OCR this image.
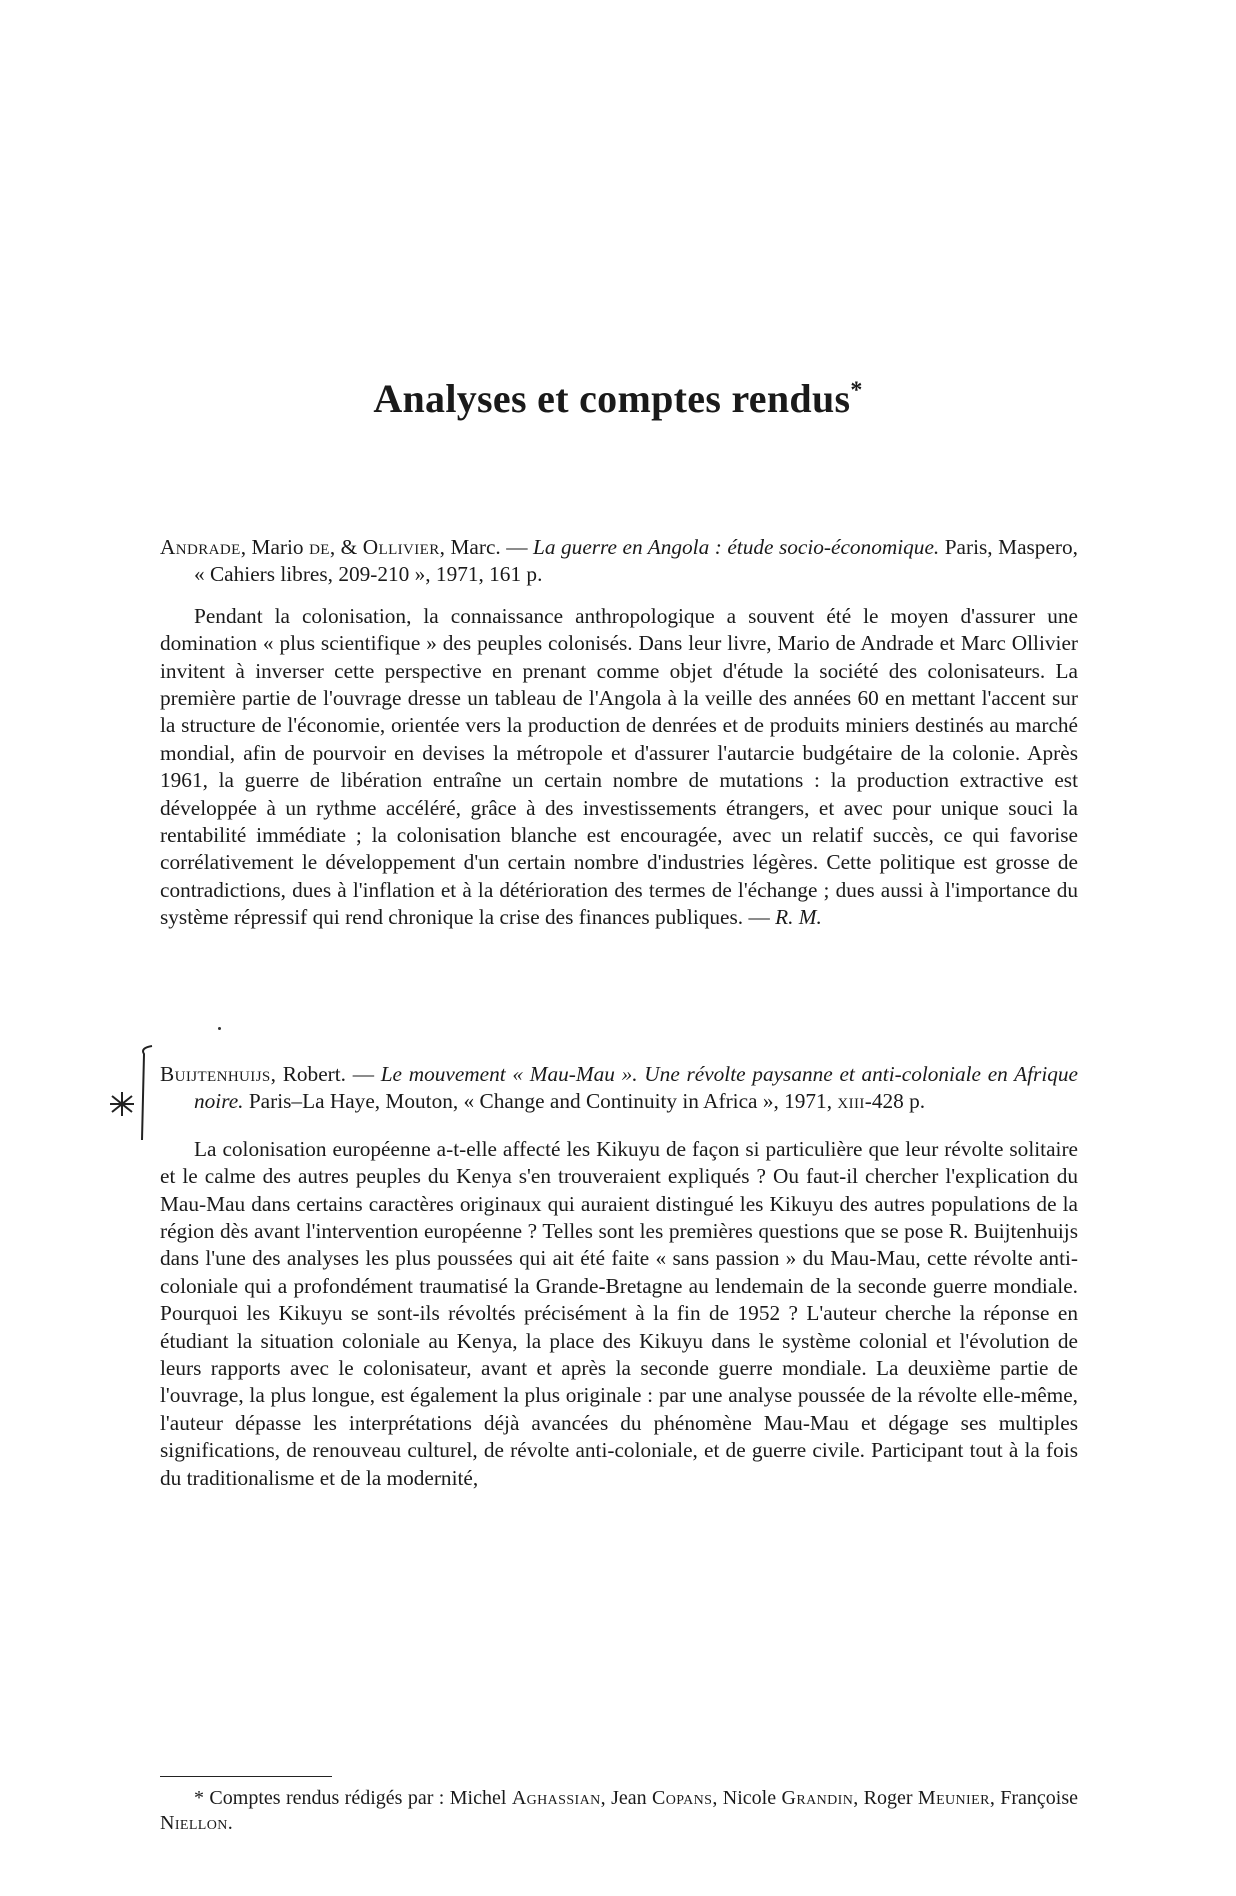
Analyses et comptes rendus*
Andrade, Mario de, & Ollivier, Marc. — La guerre en Angola : étude socio-économique. Paris, Maspero, « Cahiers libres, 209-210 », 1971, 161 p.

Pendant la colonisation, la connaissance anthropologique a souvent été le moyen d'assurer une domination « plus scientifique » des peuples colonisés. Dans leur livre, Mario de Andrade et Marc Ollivier invitent à inverser cette perspective en prenant comme objet d'étude la société des colonisateurs. La première partie de l'ouvrage dresse un tableau de l'Angola à la veille des années 60 en mettant l'accent sur la structure de l'économie, orientée vers la production de denrées et de produits miniers destinés au marché mondial, afin de pourvoir en devises la métropole et d'assurer l'autarcie budgétaire de la colonie. Après 1961, la guerre de libération entraîne un certain nombre de mutations : la production extractive est développée à un rythme accéléré, grâce à des investissements étrangers, et avec pour unique souci la rentabilité immédiate ; la colonisation blanche est encouragée, avec un relatif succès, ce qui favorise corrélativement le développement d'un certain nombre d'industries légères. Cette politique est grosse de contradictions, dues à l'inflation et à la détérioration des termes de l'échange ; dues aussi à l'importance du système répressif qui rend chronique la crise des finances publiques. — R. M.

Buijtenhuijs, Robert. — Le mouvement « Mau-Mau ». Une révolte paysanne et anti-coloniale en Afrique noire. Paris–La Haye, Mouton, « Change and Continuity in Africa », 1971, xiii-428 p.

La colonisation européenne a-t-elle affecté les Kikuyu de façon si particulière que leur révolte solitaire et le calme des autres peuples du Kenya s'en trouveraient expliqués ? Ou faut-il chercher l'explication du Mau-Mau dans certains caractères originaux qui auraient distingué les Kikuyu des autres populations de la région dès avant l'intervention européenne ? Telles sont les premières questions que se pose R. Buijtenhuijs dans l'une des analyses les plus poussées qui ait été faite « sans passion » du Mau-Mau, cette révolte anti-coloniale qui a profondément traumatisé la Grande-Bretagne au lendemain de la seconde guerre mondiale. Pourquoi les Kikuyu se sont-ils révoltés précisément à la fin de 1952 ? L'auteur cherche la réponse en étudiant la situation coloniale au Kenya, la place des Kikuyu dans le système colonial et l'évolution de leurs rapports avec le colonisateur, avant et après la seconde guerre mondiale. La deuxième partie de l'ouvrage, la plus longue, est également la plus originale : par une analyse poussée de la révolte elle-même, l'auteur dépasse les interprétations déjà avancées du phénomène Mau-Mau et dégage ses multiples significations, de renouveau culturel, de révolte anti-coloniale, et de guerre civile. Participant tout à la fois du traditionalisme et de la modernité,

* Comptes rendus rédigés par : Michel Aghassian, Jean Copans, Nicole Grandin, Roger Meunier, Françoise Niellon.
